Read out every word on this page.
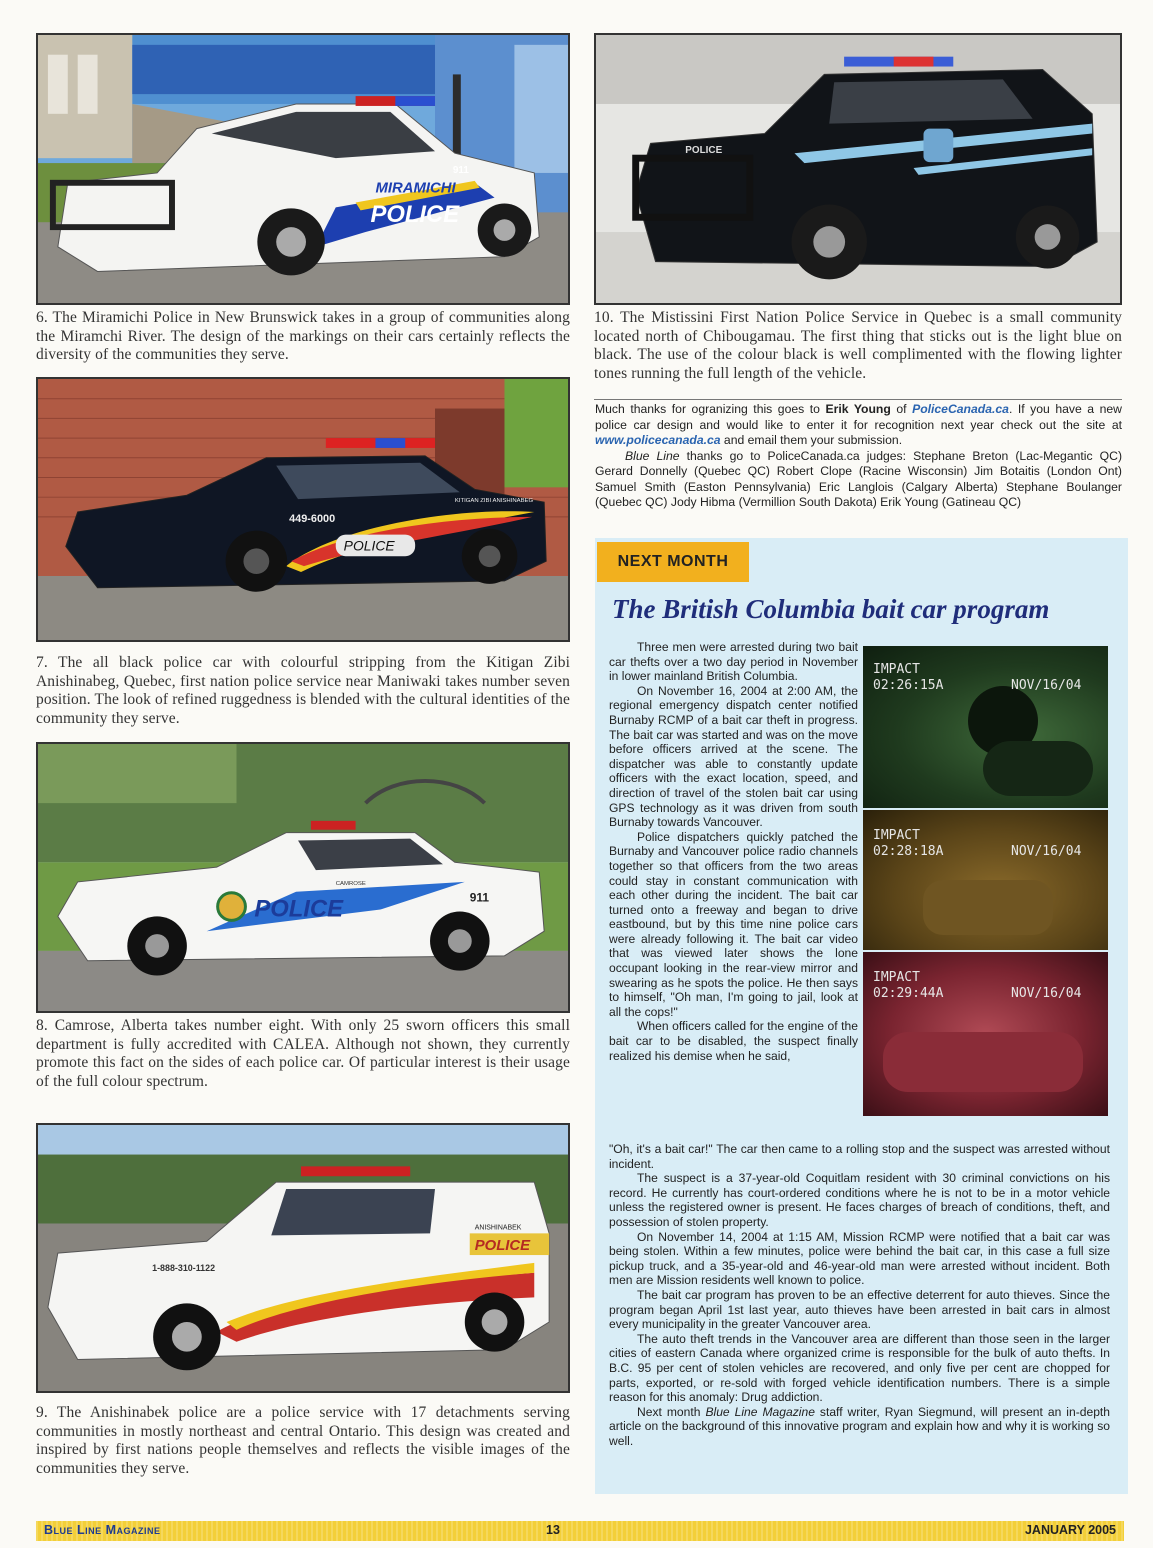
MIRAMICHI
POLICE
911
6. The Miramichi Police in New Brunswick takes in a group of communities along the Miramchi River. The design of the markings on their cars certainly reflects the diversity of the communities they serve.
449-6000
POLICE
KITIGAN ZIBI ANISHINABEG
7. The all black police car with colourful stripping from the Kitigan Zibi Anishinabeg, Quebec, first nation police service near Maniwaki takes number seven position. The look of refined ruggedness is blended with the cultural identities of the community they serve.
POLICE	911
CAMROSE
8. Camrose, Alberta takes number eight. With only 25 sworn officers this small department is fully accredited with CALEA. Although not shown, they currently promote this fact on the sides of each police car. Of particular interest is their usage of the full colour spectrum.
1-888-310-1122
POLICE
ANISHINABEK
9. The Anishinabek police are a police service with 17 detachments serving communities in mostly northeast and central Ontario. This design was created and inspired by first nations people themselves and reflects the visible images of the communities they serve.
POLICE
10. The Mistissini First Nation Police Service in Quebec is a small community located north of Chibougamau. The first thing that sticks out is the light blue on black. The use of the colour black is well complimented with the flowing lighter tones running the full length of the vehicle.

Much thanks for ogranizing this goes to Erik Young of PoliceCanada.ca. If you have a new police car design and would like to enter it for recognition next year check out the site at www.policecanada.ca and email them your submission.

Blue Line thanks go to PoliceCanada.ca judges: Stephane Breton (Lac-Megantic QC) Gerard Donnelly (Quebec QC) Robert Clope (Racine Wisconsin) Jim Botaitis (London Ont) Samuel Smith (Easton Pennsylvania) Eric Langlois (Calgary Alberta) Stephane Boulanger (Quebec QC) Jody Hibma (Vermillion South Dakota) Erik Young (Gatineau QC)

NEXT MONTH
The British Columbia bait car program
IMPACT
02:26:15A	NOV/16/04
IMPACT
02:28:18A	NOV/16/04
IMPACT
02:29:44A	NOV/16/04

Three men were arrested during two bait car thefts over a two day period in November in lower mainland British Columbia.

On November 16, 2004 at 2:00 AM, the regional emergency dispatch center notified Burnaby RCMP of a bait car theft in progress. The bait car was started and was on the move before officers arrived at the scene. The dispatcher was able to constantly update officers with the exact location, speed, and direction of travel of the stolen bait car using GPS technology as it was driven from south Burnaby towards Vancouver.

Police dispatchers quickly patched the Burnaby and Vancouver police radio channels together so that officers from the two areas could stay in constant communication with each other during the incident. The bait car turned onto a freeway and began to drive eastbound, but by this time nine police cars were already following it. The bait car video that was viewed later shows the lone occupant looking in the rear-view mirror and swearing as he spots the police. He then says to himself, "Oh man, I'm going to jail, look at all the cops!"

When officers called for the engine of the bait car to be disabled, the suspect finally realized his demise when he said,

"Oh, it's a bait car!" The car then came to a rolling stop and the suspect was arrested without incident.

The suspect is a 37-year-old Coquitlam resident with 30 criminal convictions on his record. He currently has court-ordered conditions where he is not to be in a motor vehicle unless the registered owner is present. He faces charges of breach of conditions, theft, and possession of stolen property.

On November 14, 2004 at 1:15 AM, Mission RCMP were notified that a bait car was being stolen. Within a few minutes, police were behind the bait car, in this case a full size pickup truck, and a 35-year-old and 46-year-old man were arrested without incident. Both men are Mission residents well known to police.

The bait car program has proven to be an effective deterrent for auto thieves. Since the program began April 1st last year, auto thieves have been arrested in bait cars in almost every municipality in the greater Vancouver area.

The auto theft trends in the Vancouver area are different than those seen in the larger cities of eastern Canada where organized crime is responsible for the bulk of auto thefts. In B.C. 95 per cent of stolen vehicles are recovered, and only five per cent are chopped for parts, exported, or re-sold with forged vehicle identification numbers. There is a simple reason for this anomaly: Drug addiction.

Next month Blue Line Magazine staff writer, Ryan Siegmund, will present an in-depth article on the background of this innovative program and explain how and why it is working so well.

Blue Line Magazine	13	JANUARY 2005
